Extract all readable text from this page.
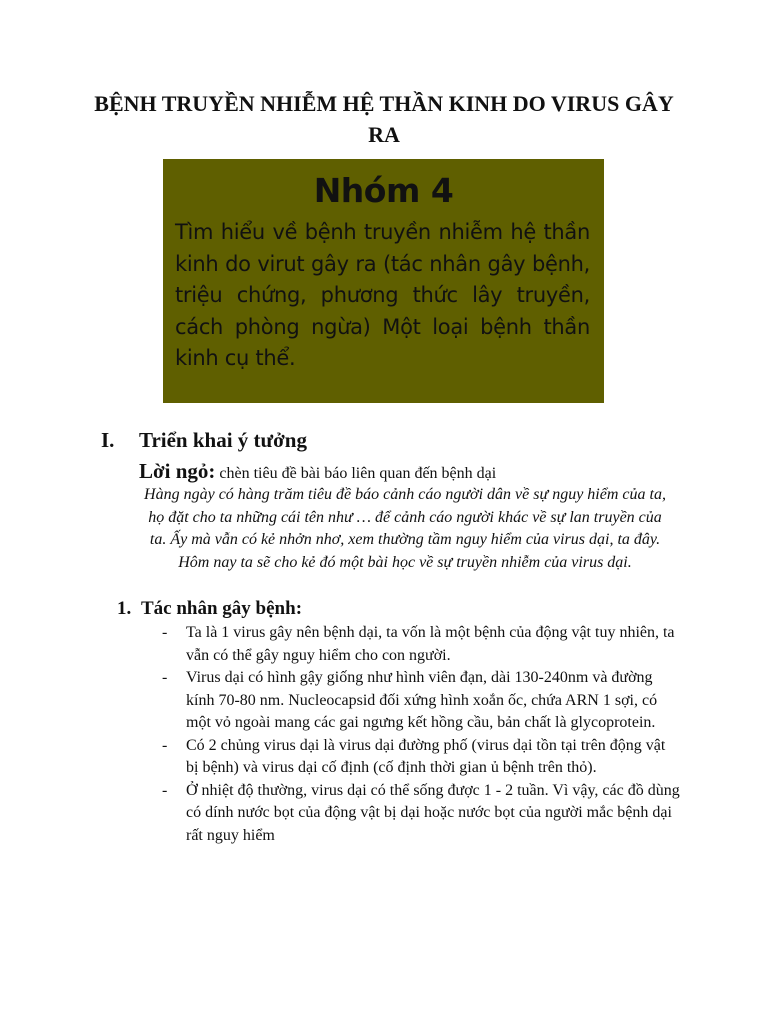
BỆNH TRUYỀN NHIỄM HỆ THẦN KINH DO VIRUS GÂY RA
Nhóm 4
Tìm hiểu về bệnh truyền nhiễm hệ thần kinh do virut gây ra (tác nhân gây bệnh, triệu chứng, phương thức lây truyền, cách phòng ngừa) Một loại bệnh thần kinh cụ thể.
I. Triển khai ý tưởng
Lời ngỏ: chèn tiêu đề bài báo liên quan đến bệnh dại
Hàng ngày có hàng trăm tiêu đề báo cảnh cáo người dân về sự nguy hiểm của ta, họ đặt cho ta những cái tên như … để cảnh cáo người khác về sự lan truyền của ta. Ấy mà vẫn có kẻ nhởn nhơ, xem thường tầm nguy hiểm của virus dại, ta đây. Hôm nay ta sẽ cho kẻ đó một bài học về sự truyền nhiễm của virus dại.
1. Tác nhân gây bệnh:
- Ta là 1 virus gây nên bệnh dại, ta vốn là một bệnh của động vật tuy nhiên, ta vẫn có thể gây nguy hiểm cho con người.
- Virus dại có hình gậy giống như hình viên đạn, dài 130-240nm và đường kính 70-80 nm. Nucleocapsid đối xứng hình xoắn ốc, chứa ARN 1 sợi, có một vỏ ngoài mang các gai ngưng kết hồng cầu, bản chất là glycoprotein.
- Có 2 chủng virus dại là virus dại đường phố (virus dại tồn tại trên động vật bị bệnh) và virus dại cố định (cố định thời gian ủ bệnh trên thỏ).
- Ở nhiệt độ thường, virus dại có thể sống được 1 - 2 tuần. Vì vậy, các đồ dùng có dính nước bọt của động vật bị dại hoặc nước bọt của người mắc bệnh dại rất nguy hiểm
